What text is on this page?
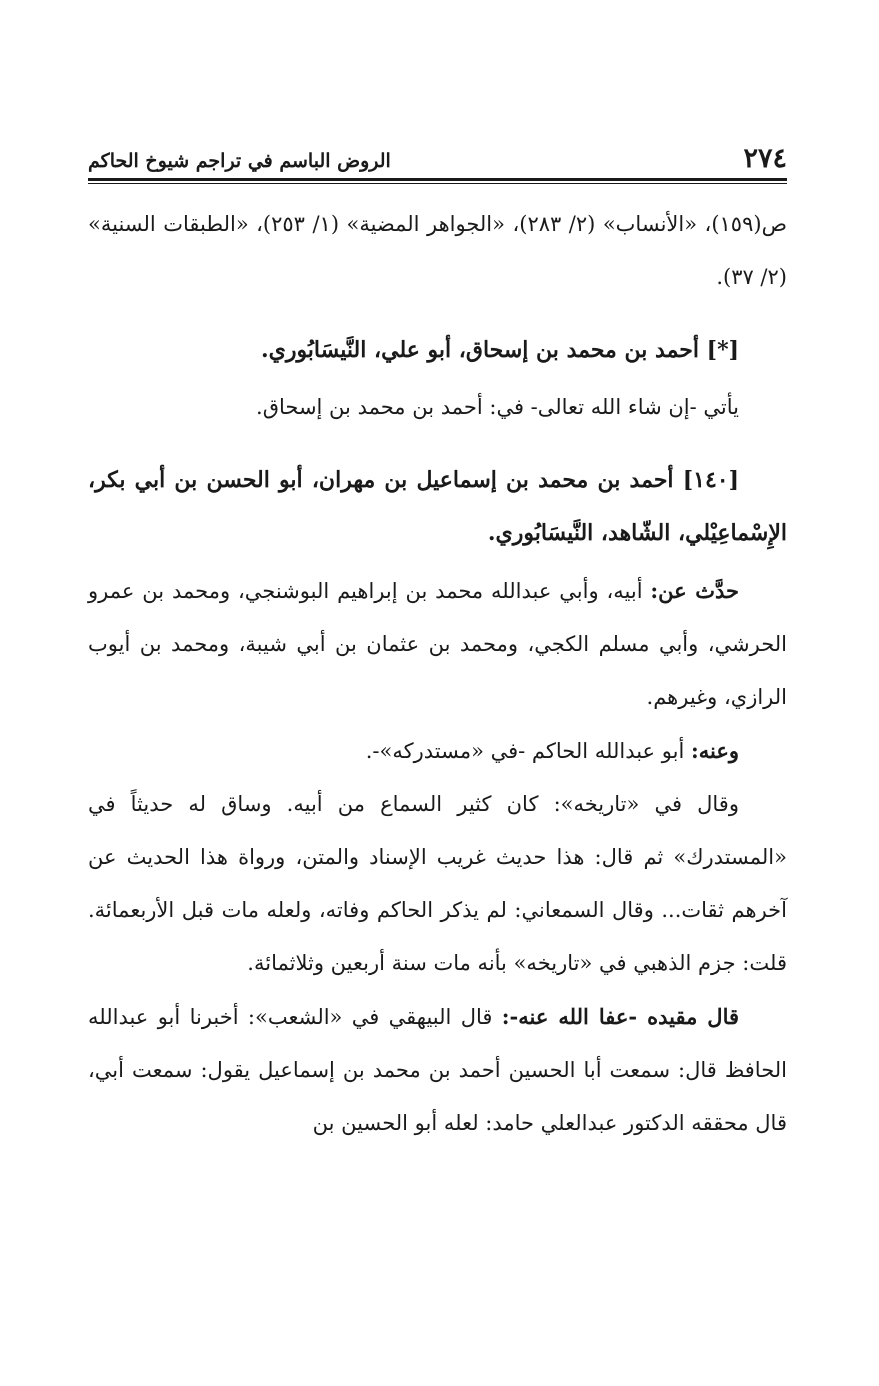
٢٧٤
الروض الباسم في تراجم شيوخ الحاكم

ص(١٥٩)، «الأنساب» (٢/ ٢٨٣)، «الجواهر المضية» (١/ ٢٥٣)، «الطبقات السنية» (٢/ ٣٧).

[*] أحمد بن محمد بن إسحاق، أبو علي، النَّيسَابُوري.

يأتي -إن شاء الله تعالى- في: أحمد بن محمد بن إسحاق.

[١٤٠] أحمد بن محمد بن إسماعيل بن مهران، أبو الحسن بن أبي بكر، الإِسْماعِيْلي، الشّاهد، النَّيسَابُوري.

حدَّث عن: أبيه، وأبي عبدالله محمد بن إبراهيم البوشنجي، ومحمد بن عمرو الحرشي، وأبي مسلم الكجي، ومحمد بن عثمان بن أبي شيبة، ومحمد بن أيوب الرازي، وغيرهم.

وعنه: أبو عبدالله الحاكم -في «مستدركه»-.

وقال في «تاريخه»: كان كثير السماع من أبيه. وساق له حديثاً في «المستدرك» ثم قال: هذا حديث غريب الإسناد والمتن، ورواة هذا الحديث عن آخرهم ثقات... وقال السمعاني: لم يذكر الحاكم وفاته، ولعله مات قبل الأربعمائة. قلت: جزم الذهبي في «تاريخه» بأنه مات سنة أربعين وثلاثمائة.

قال مقيده -عفا الله عنه-: قال البيهقي في «الشعب»: أخبرنا أبو عبدالله الحافظ قال: سمعت أبا الحسين أحمد بن محمد بن إسماعيل يقول: سمعت أبي، قال محققه الدكتور عبدالعلي حامد: لعله أبو الحسين بن
